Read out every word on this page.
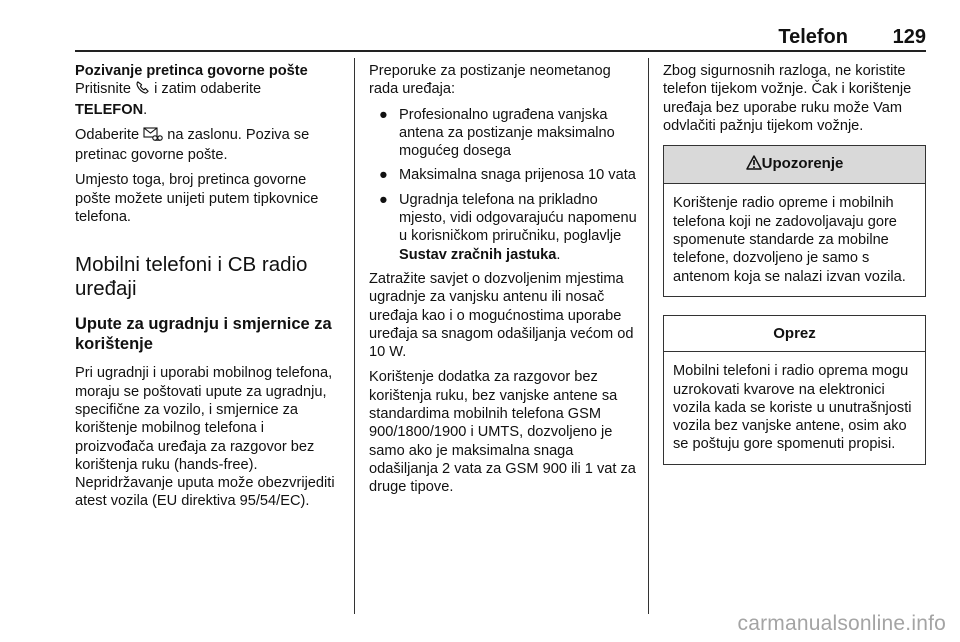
Telefon 129

Pozivanje pretinca govorne pošte

Pritisnite i zatim odaberite
TELEFON.

Odaberite na zaslonu. Poziva se pretinac govorne pošte.

Umjesto toga, broj pretinca govorne pošte možete unijeti putem tipkovnice telefona.

Mobilni telefoni i CB radio uređaji
Upute za ugradnju i smjernice za korištenje

Pri ugradnji i uporabi mobilnog telefona, moraju se poštovati upute za ugradnju, specifične za vozilo, i smjernice za korištenje mobilnog telefona i proizvođača uređaja za razgovor bez korištenja ruku (hands-free). Nepridržavanje uputa može obezvrijediti atest vozila (EU direktiva 95/54/EC).

Preporuke za postizanje neometanog rada uređaja:

● Profesionalno ugrađena vanjska antena za postizanje maksimalno mogućeg dosega
● Maksimalna snaga prijenosa 10 vata
● Ugradnja telefona na prikladno mjesto, vidi odgovarajuću napomenu u korisničkom priručniku, poglavlje Sustav zračnih jastuka.

Zatražite savjet o dozvoljenim mjestima ugradnje za vanjsku antenu ili nosač uređaja kao i o mogućnostima uporabe uređaja sa snagom odašiljanja većom od 10 W.

Korištenje dodatka za razgovor bez korištenja ruku, bez vanjske antene sa standardima mobilnih telefona GSM 900/1800/1900 i UMTS, dozvoljeno je samo ako je maksimalna snaga odašiljanja 2 vata za GSM 900 ili 1 vat za druge tipove.

Zbog sigurnosnih razloga, ne koristite telefon tijekom vožnje. Čak i korištenje uređaja bez uporabe ruku može Vam odvlačiti pažnju tijekom vožnje.

Upozorenje
Korištenje radio opreme i mobilnih telefona koji ne zadovoljavaju gore spomenute standarde za mobilne telefone, dozvoljeno je samo s antenom koja se nalazi izvan vozila.
Oprez
Mobilni telefoni i radio oprema mogu uzrokovati kvarove na elektronici vozila kada se koriste u unutrašnjosti vozila bez vanjske antene, osim ako se poštuju gore spomenuti propisi.
carmanualsonline.info
